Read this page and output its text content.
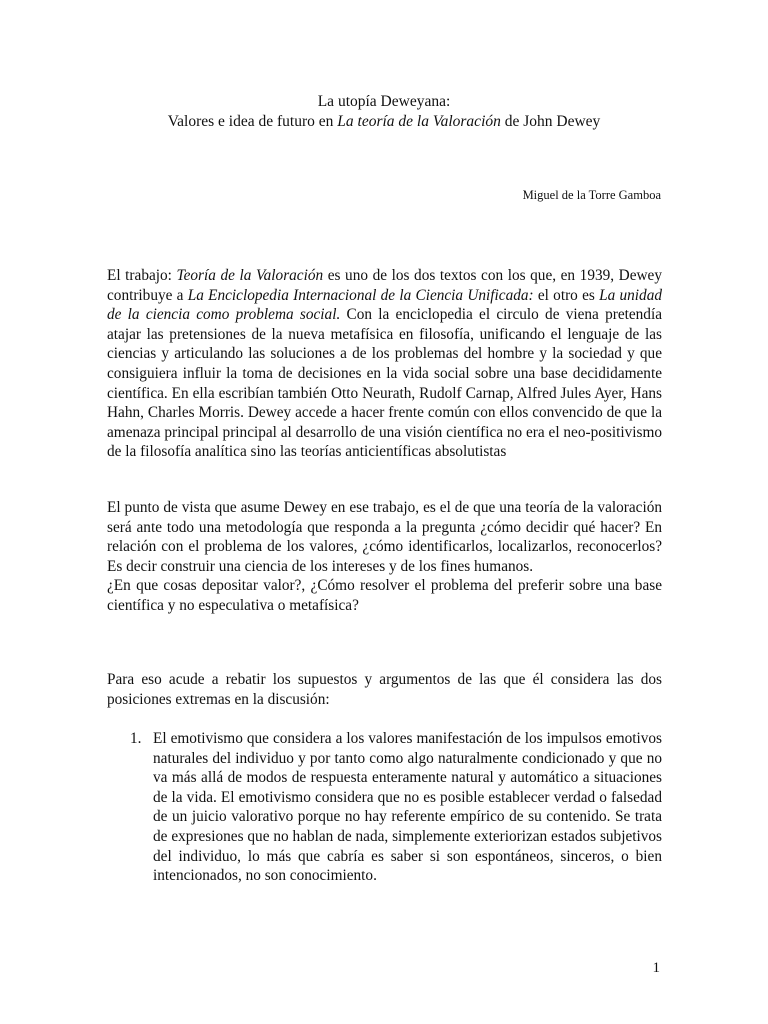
La utopía Deweyana:
Valores e idea de futuro en La teoría de la Valoración de John Dewey
Miguel de la Torre Gamboa

El trabajo: Teoría de la Valoración es uno de los dos textos con los que, en 1939, Dewey contribuye a La Enciclopedia Internacional de la Ciencia Unificada: el otro es La unidad de la ciencia como problema social. Con la enciclopedia el circulo de viena pretendía atajar las pretensiones de la nueva metafísica en filosofía, unificando el lenguaje de las ciencias y articulando las soluciones a de los problemas del hombre y la sociedad y que consiguiera influir la toma de decisiones en la vida social sobre una base decididamente científica. En ella escribían también Otto Neurath, Rudolf Carnap, Alfred Jules Ayer, Hans Hahn, Charles Morris. Dewey accede a hacer frente común con ellos convencido de que la amenaza principal principal al desarrollo de una visión científica no era el neo-positivismo de la filosofía analítica sino las teorías anticientíficas absolutistas

El punto de vista que asume Dewey en ese trabajo, es el de que una teoría de la valoración será ante todo una metodología que responda a la pregunta ¿cómo decidir qué hacer? En relación con el problema de los valores, ¿cómo identificarlos, localizarlos, reconocerlos? Es decir construir una ciencia de los intereses y de los fines humanos.

¿En que cosas depositar valor?, ¿Cómo resolver el problema del preferir sobre una base científica y no especulativa o metafísica?

Para eso acude a rebatir los supuestos y argumentos de las que él considera las dos posiciones extremas en la discusión:

1. El emotivismo que considera a los valores manifestación de los impulsos emotivos naturales del individuo y por tanto como algo naturalmente condicionado y que no va más allá de modos de respuesta enteramente natural y automático a situaciones de la vida. El emotivismo considera que no es posible establecer verdad o falsedad de un juicio valorativo porque no hay referente empírico de su contenido. Se trata de expresiones que no hablan de nada, simplemente exteriorizan estados subjetivos del individuo, lo más que cabría es saber si son espontáneos, sinceros, o bien intencionados, no son conocimiento.
1
